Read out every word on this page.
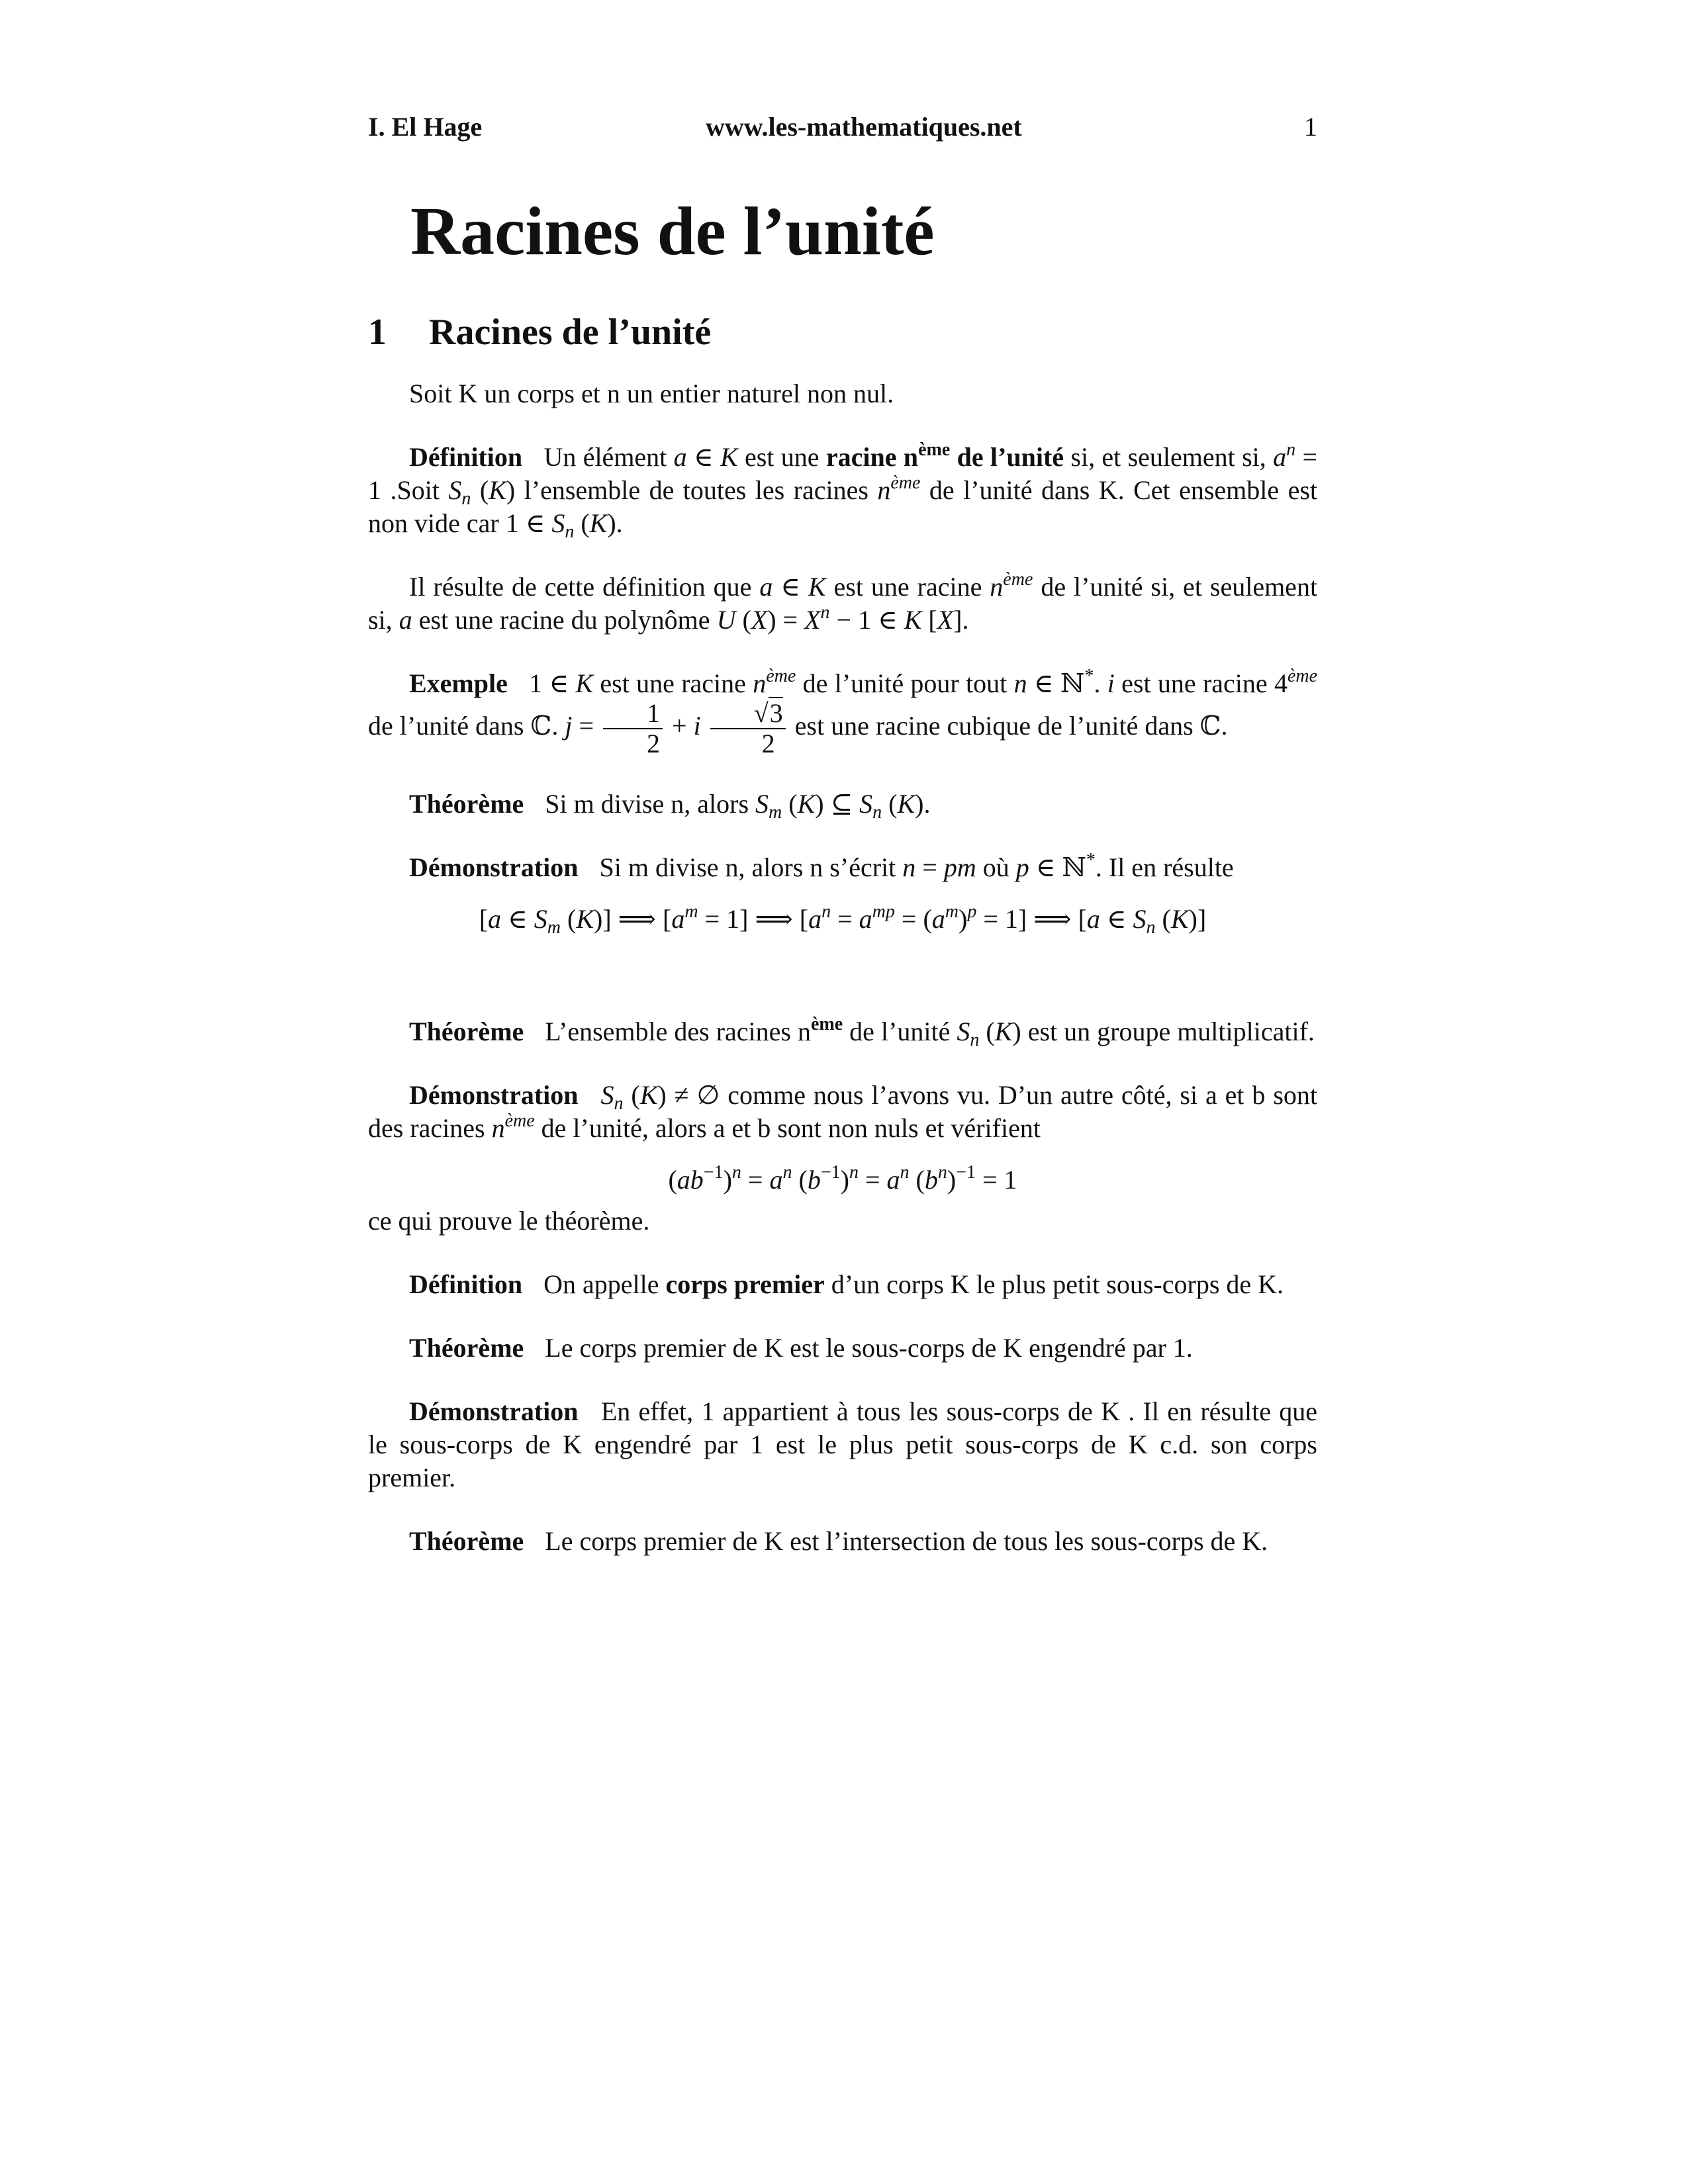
I. El Hage	www.les-mathematiques.net	1
Racines de l’unité
1 Racines de l’unité

Soit K un corps et n un entier naturel non nul.

Définition Un élément a ∈ K est une racine $n^{ème}$ de l’unité si, et seulement si, $a^n = 1$ .Soit $S_n$ (K) l’ensemble de toutes les racines $n^{ème}$ de l’unité dans K. Cet ensemble est non vide car 1 ∈ $S_n$ (K).

Il résulte de cette définition que a ∈ K est une racine $n^{ème}$ de l’unité si, et seulement si, a est une racine du polynôme U $(X) = X^n - 1$ ∈ K [X].

Exemple 1 ∈ K est une racine $n^{ème}$ de l’unité pour tout n ∈ ℕ*. i est une racine 4ème de l’unité dans ℂ. $j = \frac{1}{2} + i \frac{√3}{2}$ est une racine cubique de l’unité dans ℂ.

Théorème Si m divise n, alors $S_m$ (K) ⊆ $S_n$ (K).

Démonstration Si m divise n, alors n s’écrit n = pm où p ∈ ℕ*. Il en résulte

[a ∈ $S_m$ (K)] ⟹ $[a^m = 1]$ ⟹ $[a^n = a^{mp} = (a^m)^p = 1]$ ⟹ [a ∈ $S_n$ (K)]

Théorème L’ensemble des racines $n^{ème}$ de l’unité $S_n$ (K) est un groupe multiplicatif.

Démonstration $S_n$ (K) ≠ ∅ comme nous l’avons vu. D’un autre côté, si a et b sont des racines $n^{ème}$ de l’unité, alors a et b sont non nuls et vérifient

$(ab^{-1})^n = a^n$ $(b^{-1})^n = a^n$ $(b^n)^{-1} = 1$

ce qui prouve le théorème.

Définition On appelle corps premier d’un corps K le plus petit sous-corps de K.

Théorème Le corps premier de K est le sous-corps de K engendré par 1.

Démonstration En effet, 1 appartient à tous les sous-corps de K . Il en résulte que le sous-corps de K engendré par 1 est le plus petit sous-corps de K c.d. son corps premier.

Théorème Le corps premier de K est l’intersection de tous les sous-corps de K.
